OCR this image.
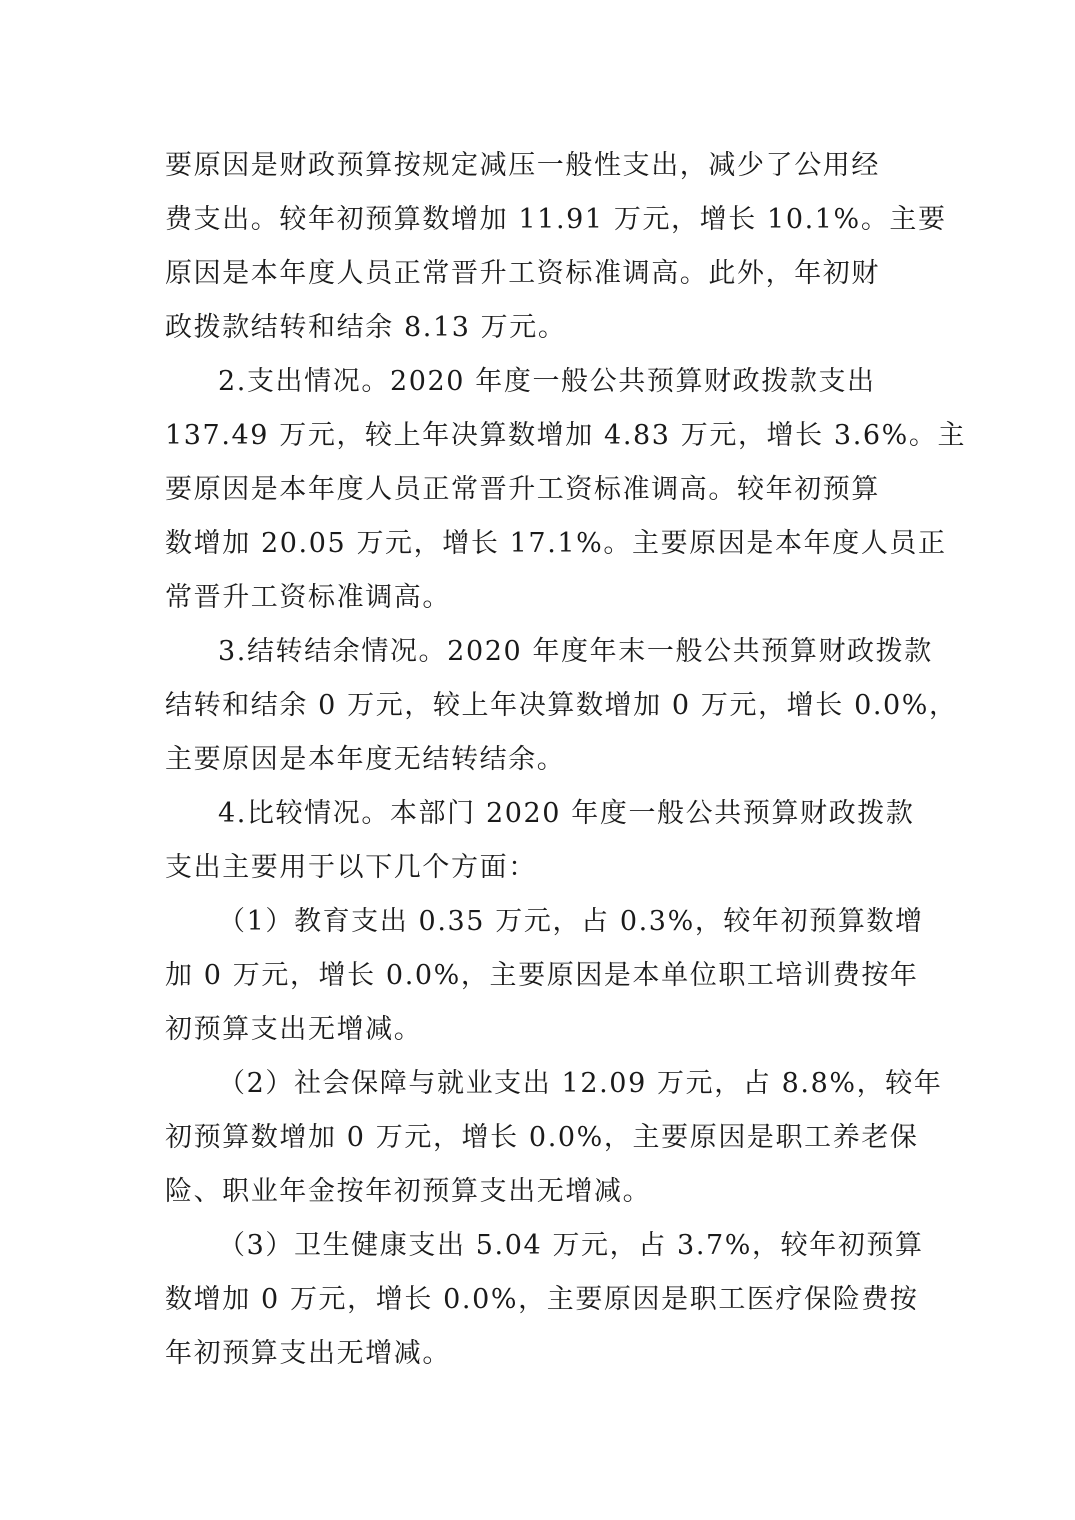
要原因是财政预算按规定减压一般性支出，减少了公用经
费支出。较年初预算数增加 11.91 万元，增长 10.1%。主要
原因是本年度人员正常晋升工资标准调高。此外，年初财
政拨款结转和结余 8.13 万元。
2.支出情况。2020 年度一般公共预算财政拨款支出
137.49 万元，较上年决算数增加 4.83 万元，增长 3.6%。主
要原因是本年度人员正常晋升工资标准调高。较年初预算
数增加 20.05 万元，增长 17.1%。主要原因是本年度人员正
常晋升工资标准调高。
3.结转结余情况。2020 年度年末一般公共预算财政拨款
结转和结余 0 万元，较上年决算数增加 0 万元，增长 0.0%，
主要原因是本年度无结转结余。
4.比较情况。本部门 2020 年度一般公共预算财政拨款
支出主要用于以下几个方面：
（1）教育支出 0.35 万元，占 0.3%，较年初预算数增
加 0 万元，增长 0.0%，主要原因是本单位职工培训费按年
初预算支出无增减。
（2）社会保障与就业支出 12.09 万元，占 8.8%，较年
初预算数增加 0 万元，增长 0.0%，主要原因是职工养老保
险、职业年金按年初预算支出无增减。
（3）卫生健康支出 5.04 万元，占 3.7%，较年初预算
数增加 0 万元，增长 0.0%，主要原因是职工医疗保险费按
年初预算支出无增减。
